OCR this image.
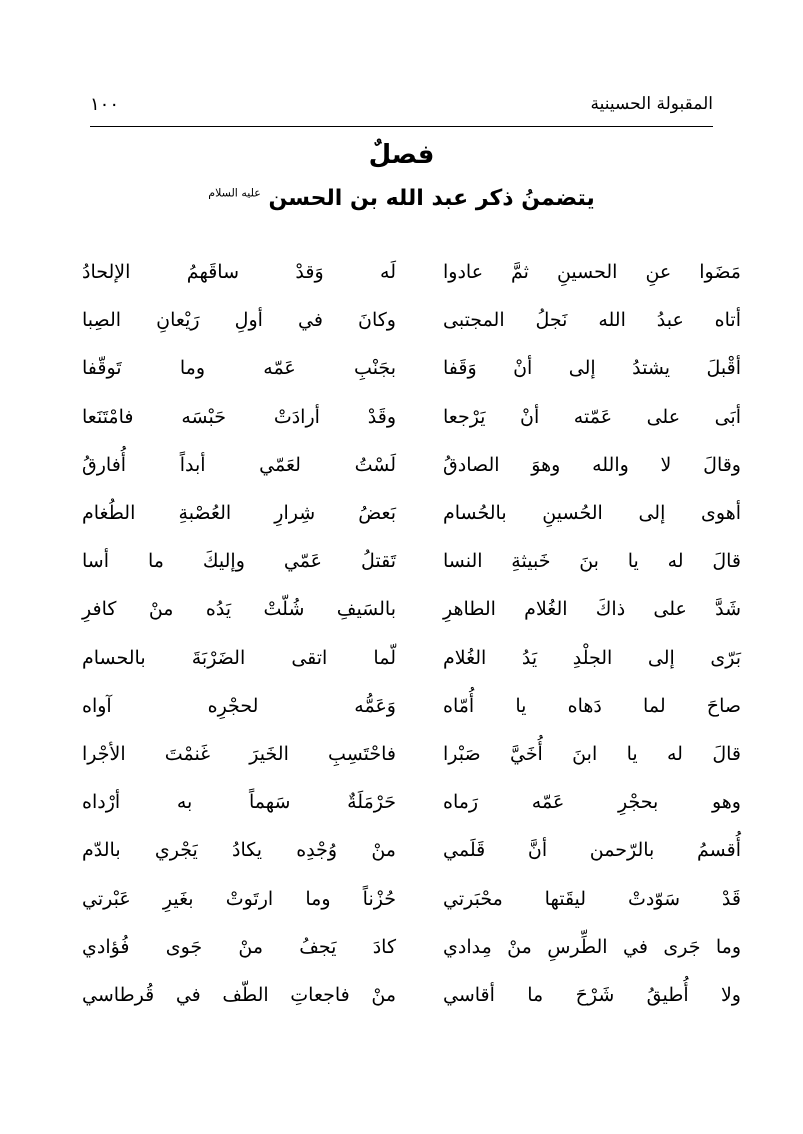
المقبولة الحسينية
١٠٠
فصلٌ
يتضمنُ ذكر عبد الله بن الحسن $^{عليه السلام}$
مَضَوا عنِ الحسينِ ثمَّ عادوا
لَه وَقدْ ساقَهمُ الإلحادُ
أتاه عبدُ الله نَجلُ المجتبى
وكانَ في أولِ رَيْعانِ الصِبا
أقْبلَ يشتدُ إلى أنْ وَقَفا
بجَنْبِ عَمّه وما تَوقّفا
أبَى على عَمّته أنْ يَرْجعا
وقَدْ أرادَتْ حَبْسَه فامْتَنَعا
وقالَ لا والله وهوَ الصادقُ
لَسْتُ لعَمّي أبداً أُفارقُ
أهوى إلى الحُسينِ بالحُسام
بَعضُ شِرارِ العُصْبةِ الطُغام
قالَ له يا بنَ خَبيثةِ النسا
تَقتلُ عَمّي وإليكَ ما أسا
شَدَّ على ذاكَ الغُلام الطاهرِ
بالسَيفِ شُلّتْ يَدُه منْ كافرِ
بَرّى إلى الجلْدِ يَدُ الغُلام
لّما اتقى الضَرْبَةَ بالحسام
صاحَ لما دَهاه يا أُمّاه
وَعَمُّه لحجْرِه آواه
قالَ له يا ابنَ أُخَيَّ صَبْرا
فاحْتَسِبِ الخَيرَ غَنمْتَ الأجْرا
وهو بحجْرِ عَمّه رَماه
حَرْمَلَةٌ سَهماً به أرْداه
أُقسمُ بالرّحمن أنَّ قَلَمي
منْ وُجْدِه يكادُ يَجْري بالدّم
قَدْ سَوّدتْ ليقَتها محْبَرتي
حُزْناً وما ارتَوتْ بغَيرِ عَبْرتي
وما جَرى في الطِّرسِ منْ مِدادي
كادَ يَجفُ منْ جَوى فُؤادي
ولا أُطيقُ شَرْحَ ما أقاسي
منْ فاجعاتِ الطّف في قُرطاسي
